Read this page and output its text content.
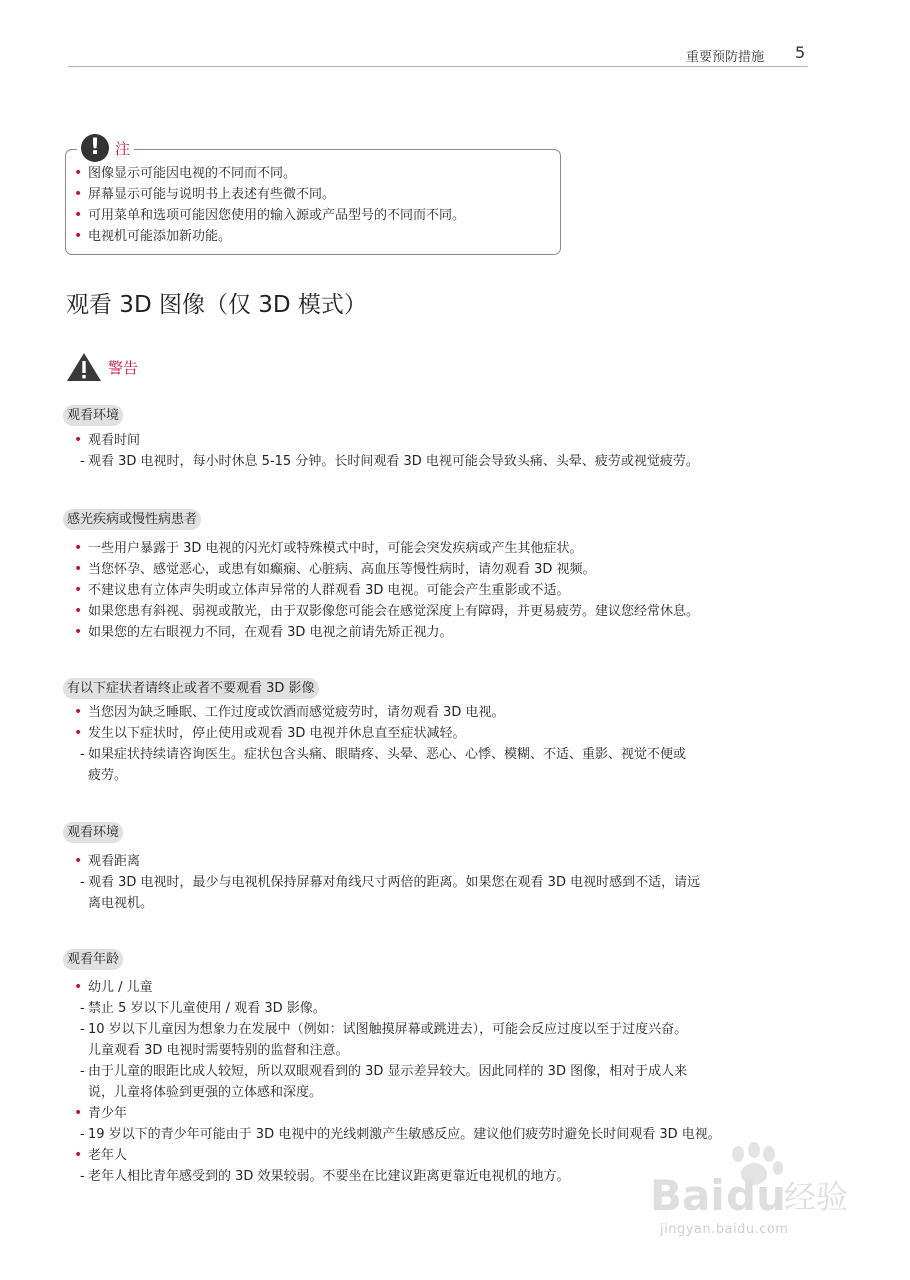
重要预防措施 5
! 注
• 图像显示可能因电视的不同而不同。
• 屏幕显示可能与说明书上表述有些微不同。
• 可用菜单和选项可能因您使用的输入源或产品型号的不同而不同。
• 电视机可能添加新功能。
观看 3D 图像（仅 3D 模式）
警告
观看环境
• 观看时间
- 观看 3D 电视时，每小时休息 5-15 分钟。长时间观看 3D 电视可能会导致头痛、头晕、疲劳或视觉疲劳。
感光疾病或慢性病患者
• 一些用户暴露于 3D 电视的闪光灯或特殊模式中时，可能会突发疾病或产生其他症状。
• 当您怀孕、感觉恶心，或患有如癫痫、心脏病、高血压等慢性病时，请勿观看 3D 视频。
• 不建议患有立体声失明或立体声异常的人群观看 3D 电视。可能会产生重影或不适。
• 如果您患有斜视、弱视或散光，由于双影像您可能会在感觉深度上有障碍，并更易疲劳。建议您经常休息。
• 如果您的左右眼视力不同，在观看 3D 电视之前请先矫正视力。
有以下症状者请终止或者不要观看 3D 影像
• 当您因为缺乏睡眠、工作过度或饮酒而感觉疲劳时，请勿观看 3D 电视。
• 发生以下症状时，停止使用或观看 3D 电视并休息直至症状减轻。
- 如果症状持续请咨询医生。症状包含头痛、眼睛疼、头晕、恶心、心悸、模糊、不适、重影、视觉不便或
疲劳。
观看环境
• 观看距离
- 观看 3D 电视时，最少与电视机保持屏幕对角线尺寸两倍的距离。如果您在观看 3D 电视时感到不适，请远
离电视机。
观看年龄
• 幼儿 / 儿童
- 禁止 5 岁以下儿童使用 / 观看 3D 影像。
- 10 岁以下儿童因为想象力在发展中（例如：试图触摸屏幕或跳进去），可能会反应过度以至于过度兴奋。
儿童观看 3D 电视时需要特别的监督和注意。
- 由于儿童的眼距比成人较短，所以双眼观看到的 3D 显示差异较大。因此同样的 3D 图像，相对于成人来
说，儿童将体验到更强的立体感和深度。
• 青少年
- 19 岁以下的青少年可能由于 3D 电视中的光线刺激产生敏感反应。建议他们疲劳时避免长时间观看 3D 电视。
• 老年人
- 老年人相比青年感受到的 3D 效果较弱。不要坐在比建议距离更靠近电视机的地方。	Bai du
经验
jingyan.baidu.com
